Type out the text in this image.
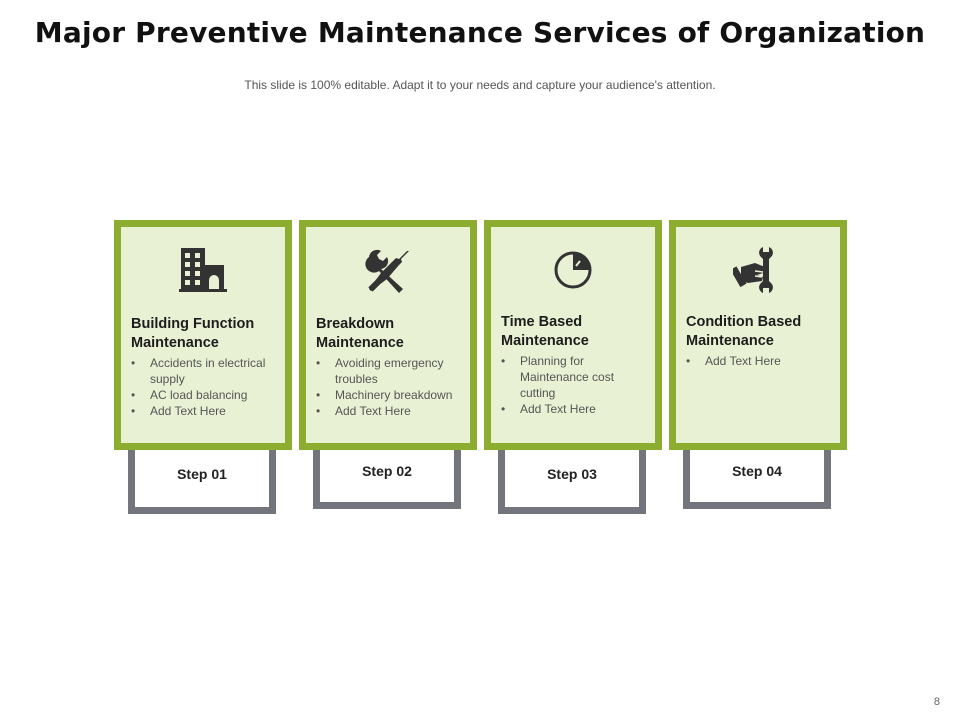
Major Preventive Maintenance Services of Organization
This slide is 100% editable. Adapt it to your needs and capture your audience's attention.
Building Function Maintenance
• Accidents in electrical supply
• AC load balancing
• Add Text Here
Step 01
Breakdown Maintenance
• Avoiding emergency troubles
• Machinery breakdown
• Add Text Here
Step 02
Time Based Maintenance
• Planning for Maintenance cost cutting
• Add Text Here
Step 03
Condition Based Maintenance
• Add Text Here
Step 04
8
